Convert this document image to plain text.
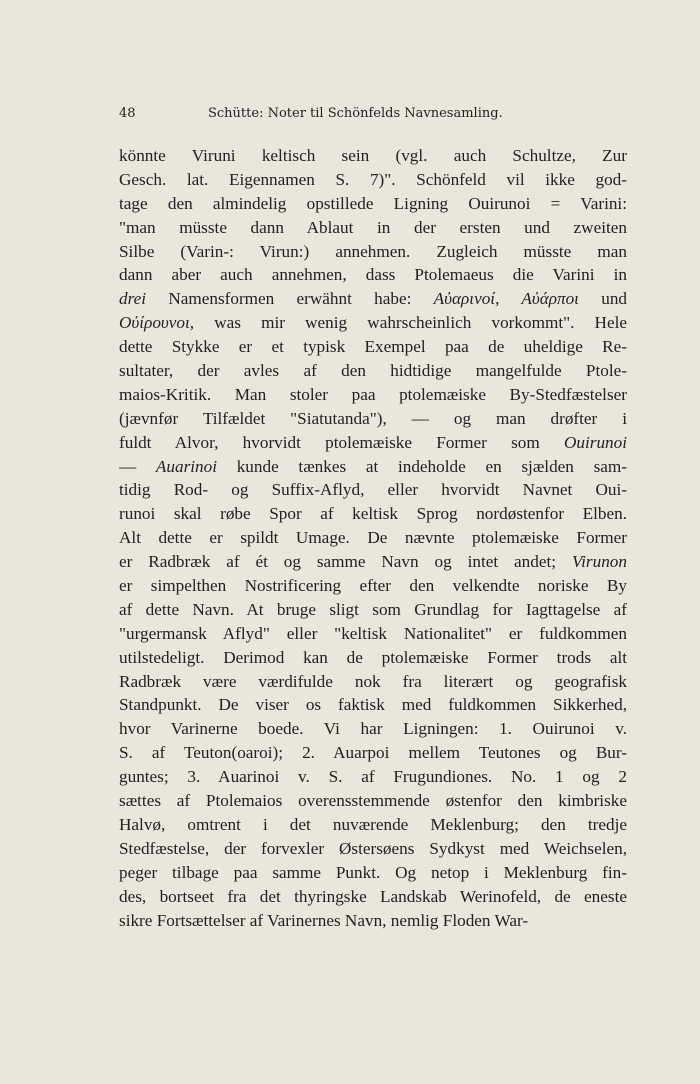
48	Schütte: Noter til Schönfelds Navnesamling.
könnte Viruni keltisch sein (vgl. auch Schultze, Zur
Gesch. lat. Eigennamen S. 7)". Schönfeld vil ikke god-
tage den almindelig opstillede Ligning Ouirunoi = Varini:
"man müsste dann Ablaut in der ersten und zweiten
Silbe (Varin-: Virun:) annehmen. Zugleich müsste man
dann aber auch annehmen, dass Ptolemaeus die Varini in
drei Namensformen erwähnt habe: Αὐαρινοί, Αὐάρποι und
Οὐίρουνοι, was mir wenig wahrscheinlich vorkommt". Hele
dette Stykke er et typisk Exempel paa de uheldige Re-
sultater, der avles af den hidtidige mangelfulde Ptole-
maios-Kritik. Man stoler paa ptolemæiske By-Stedfæstelser
(jævnfør Tilfældet "Siatutanda"), — og man drøfter i
fuldt Alvor, hvorvidt ptolemæiske Former som Ouirunoi
— Auarinoi kunde tænkes at indeholde en sjælden sam-
tidig Rod- og Suffix-Aflyd, eller hvorvidt Navnet Oui-
runoi skal røbe Spor af keltisk Sprog nordøstenfor Elben.
Alt dette er spildt Umage. De nævnte ptolemæiske Former
er Radbræk af ét og samme Navn og intet andet; Virunon
er simpelthen Nostrificering efter den velkendte noriske By
af dette Navn. At bruge sligt som Grundlag for Iagttagelse af
"urgermansk Aflyd" eller "keltisk Nationalitet" er fuldkommen
utilstedeligt. Derimod kan de ptolemæiske Former trods alt
Radbræk være værdifulde nok fra literært og geografisk
Standpunkt. De viser os faktisk med fuldkommen Sikkerhed,
hvor Varinerne boede. Vi har Ligningen: 1. Ouirunoi v.
S. af Teuton(oaroi); 2. Auarpoi mellem Teutones og Bur-
guntes; 3. Auarinoi v. S. af Frugundiones. No. 1 og 2
sættes af Ptolemaios overensstemmende østenfor den kimbriske
Halvø, omtrent i det nuværende Meklenburg; den tredje
Stedfæstelse, der forvexler Østersøens Sydkyst med Weichselen,
peger tilbage paa samme Punkt. Og netop i Meklenburg fin-
des, bortseet fra det thyringske Landskab Werinofeld, de eneste
sikre Fortsættelser af Varinernes Navn, nemlig Floden War-
